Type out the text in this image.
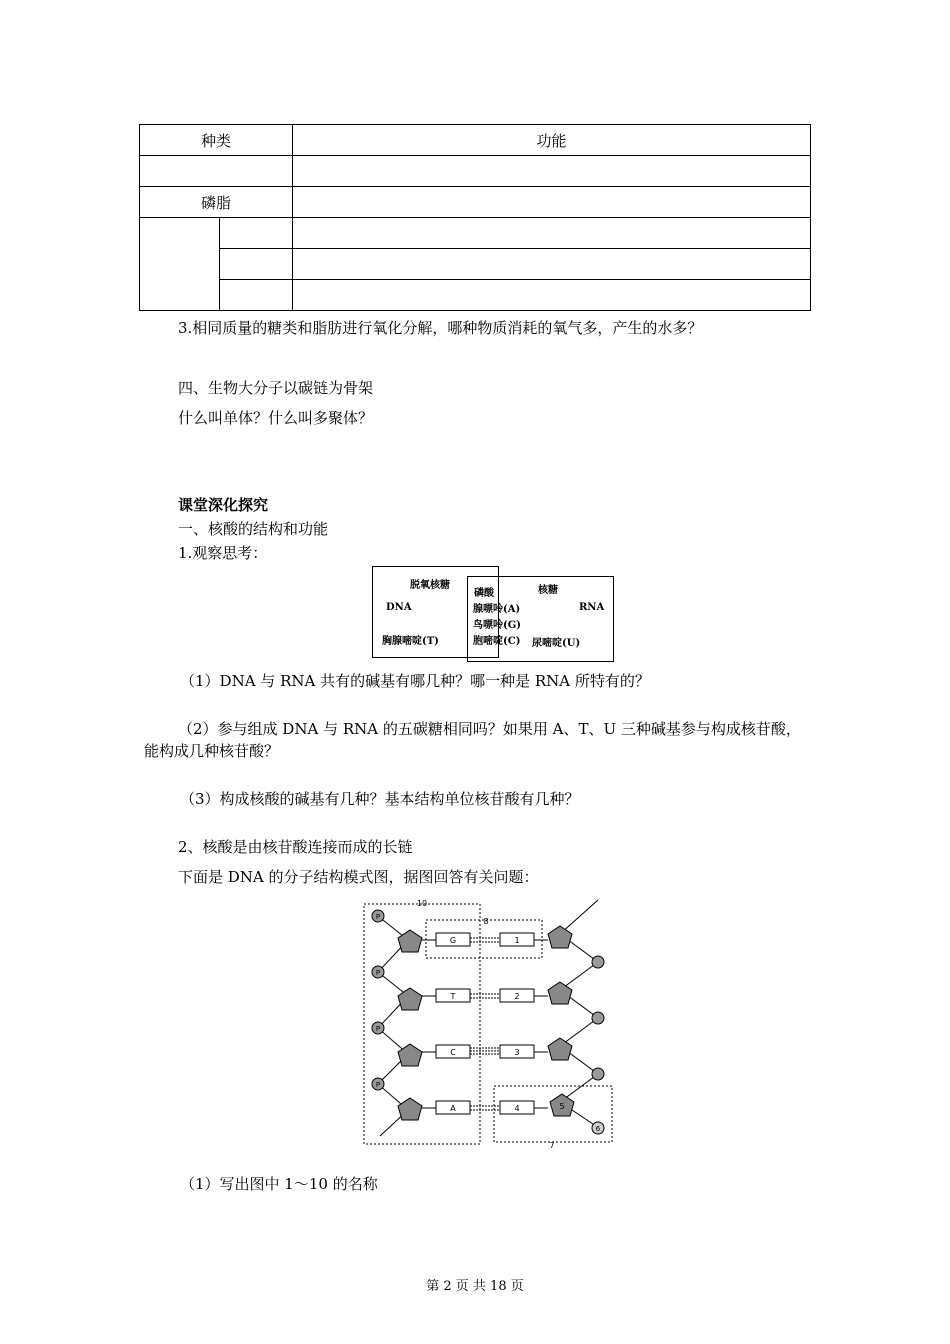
种类		功能

磷脂		

3.相同质量的糖类和脂肪进行氧化分解，哪种物质消耗的氧气多，产生的水多？
四、生物大分子以碳链为骨架
什么叫单体？什么叫多聚体？
课堂深化探究
一、核酸的结构和功能
1.观察思考：
脱氧核糖
DNA
胸腺嘧啶(T)
磷酸
腺嘌呤(A)
鸟嘌呤(G)
胞嘧啶(C)
核糖
RNA
尿嘧啶(U)
（1）DNA 与 RNA 共有的碱基有哪几种？哪一种是 RNA 所特有的？
（2）参与组成 DNA 与 RNA 的五碳糖相同吗？如果用 A、T、U 三种碱基参与构成核苷酸，
能构成几种核苷酸？
（3）构成核酸的碱基有几种？基本结构单位核苷酸有几种？
2、核酸是由核苷酸连接而成的长链
下面是 DNA 的分子结构模式图，据图回答有关问题：
10
8
7
P
P
P
P
6
G	1
T	2
C	3
A	4	5
（1）写出图中 1～10 的名称
第 2 页 共 18 页
